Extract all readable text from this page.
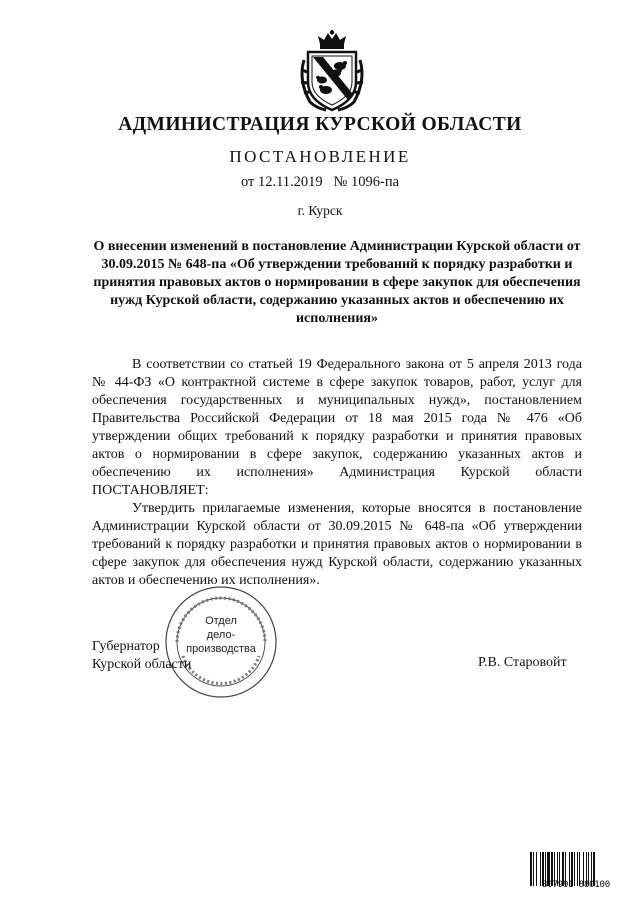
АДМИНИСТРАЦИЯ КУРСКОЙ ОБЛАСТИ
ПОСТАНОВЛЕНИЕ
от 12.11.2019   № 1096-па
г. Курск

О внесении изменений в постановление Администрации Курской области от 30.09.2015 № 648-па «Об утверждении требований к порядку разработки и принятия правовых актов о нормировании в сфере закупок для обеспечения нужд Курской области, содержанию указанных актов и обеспечению их исполнения»

В соответствии со статьей 19 Федерального закона от 5 апреля 2013 года № 44-ФЗ «О контрактной системе в сфере закупок товаров, работ, услуг для обеспечения государственных и муниципальных нужд», постановлением Правительства Российской Федерации от 18 мая 2015 года № 476 «Об утверждении общих требований к порядку разработки и принятия правовых актов о нормировании в сфере закупок, содержанию указанных актов и обеспечению их исполнения» Администрация Курской области ПОСТАНОВЛЯЕТ:

Утвердить прилагаемые изменения, которые вносятся в постановление Администрации Курской области от 30.09.2015 № 648-па «Об утверждении требований к порядку разработки и принятия правовых актов о нормировании в сфере закупок для обеспечения нужд Курской области, содержанию указанных актов и обеспечению их исполнения».

Отдел
дело-
производства
Губернатор
Курской области	Р.В. Старовойт
307991 880100
